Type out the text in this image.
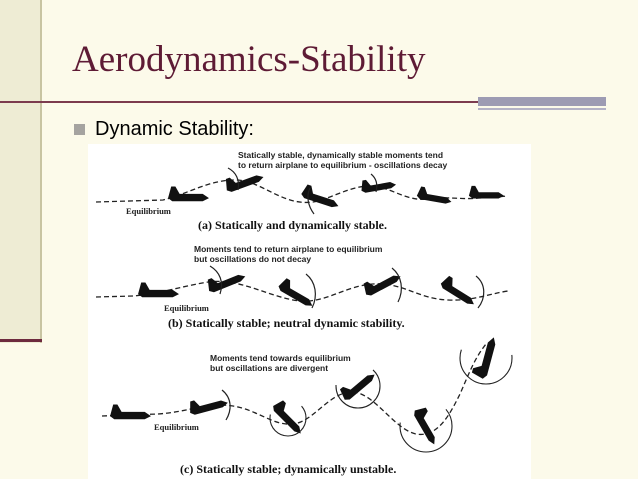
Aerodynamics-Stability
Dynamic Stability:
Statically stable, dynamically stable moments tend
to return airplane to equilibrium - oscillations decay
Equilibrium
(a) Statically and dynamically stable.
Moments tend to return airplane to equilibrium
but oscillations do not decay
Equilibrium
(b) Statically stable; neutral dynamic stability.
Moments tend towards equilibrium
but oscillations are divergent
Equilibrium
(c) Statically stable; dynamically unstable.
